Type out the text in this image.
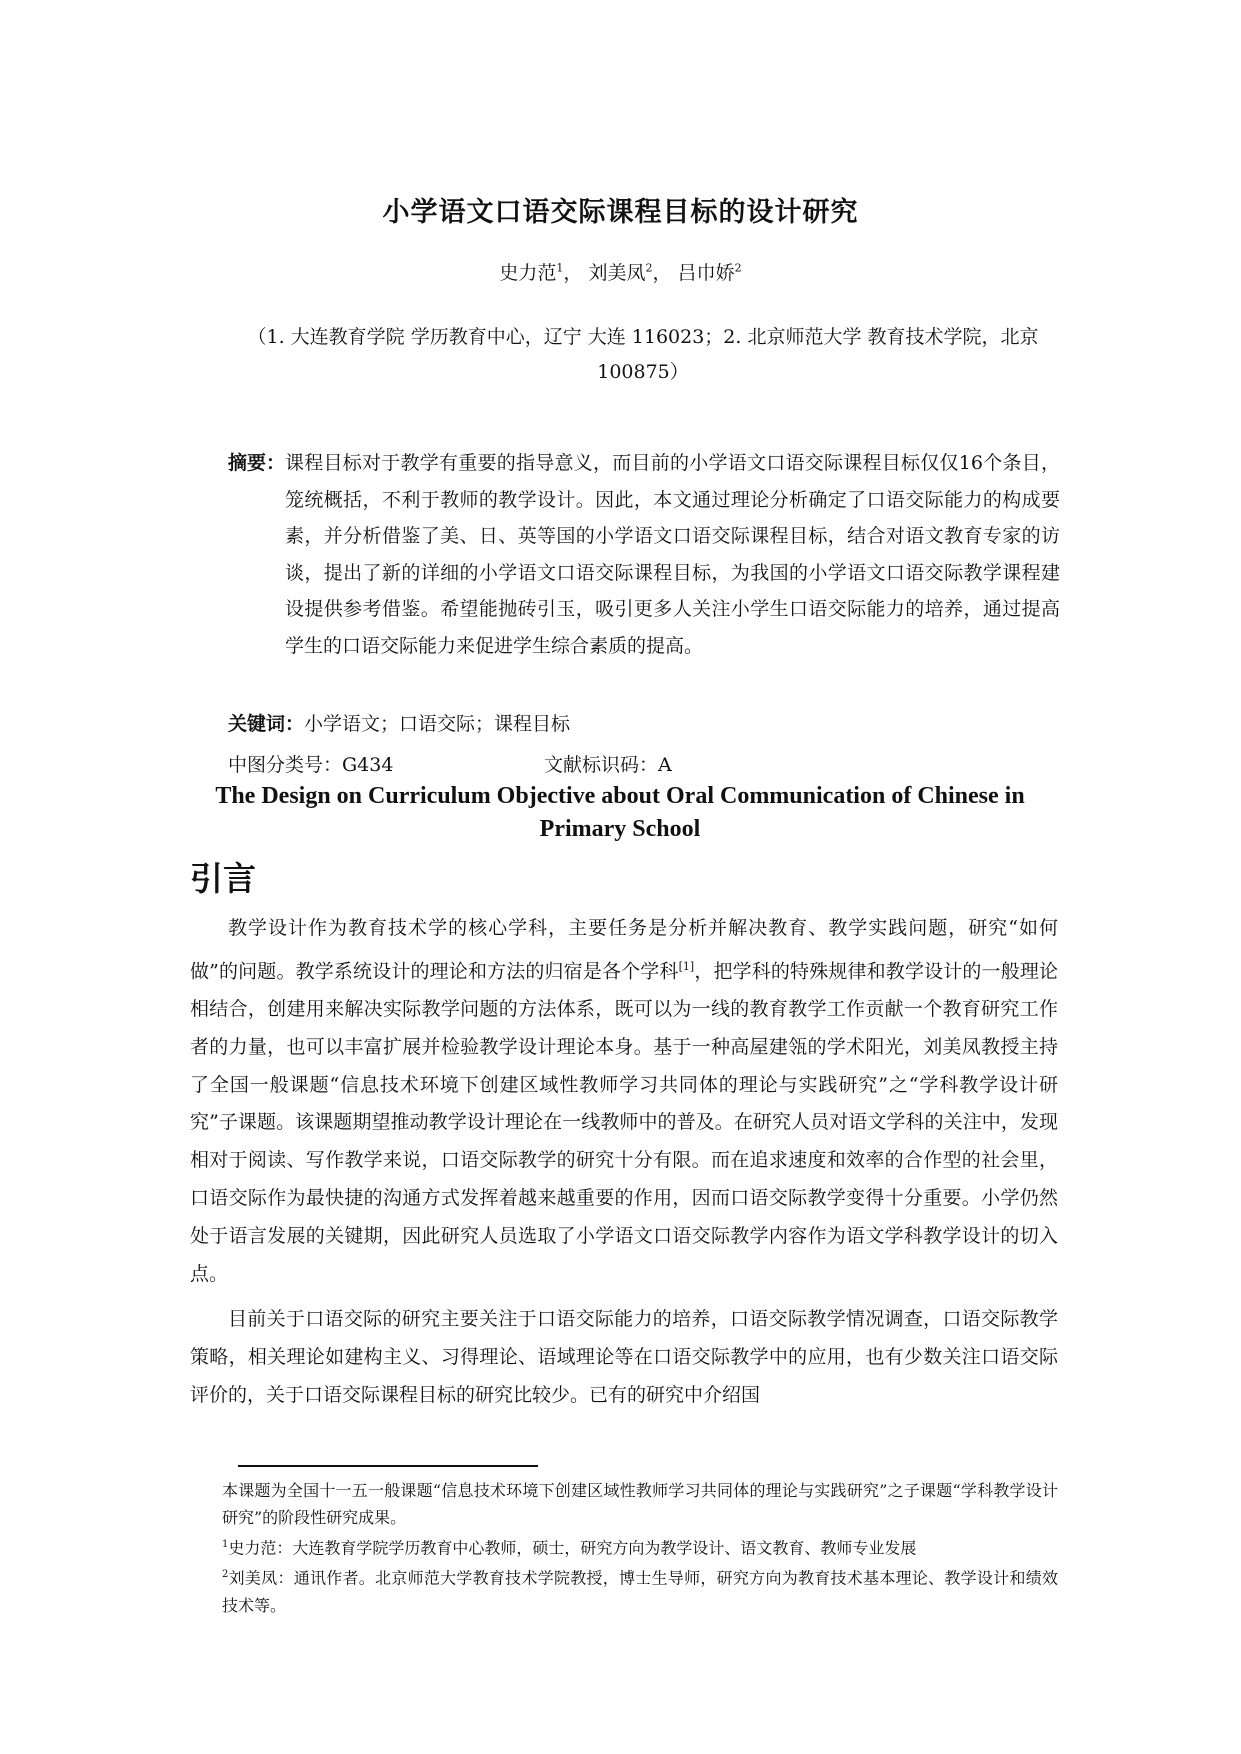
小学语文口语交际课程目标的设计研究
史力范$^1$， 刘美凤$^2$， 吕巾娇$^2$
（1. 大连教育学院 学历教育中心，辽宁 大连 116023；2. 北京师范大学 教育技术学院，北京 100875）
摘要： 课程目标对于教学有重要的指导意义，而目前的小学语文口语交际课程目标仅仅16个条目，笼统概括，不利于教师的教学设计。因此，本文通过理论分析确定了口语交际能力的构成要素，并分析借鉴了美、日、英等国的小学语文口语交际课程目标，结合对语文教育专家的访谈，提出了新的详细的小学语文口语交际课程目标，为我国的小学语文口语交际教学课程建设提供参考借鉴。希望能抛砖引玉，吸引更多人关注小学生口语交际能力的培养，通过提高学生的口语交际能力来促进学生综合素质的提高。
关键词：小学语文；口语交际；课程目标
中图分类号：G434	文献标识码：A
The Design on Curriculum Objective about Oral Communication of Chinese in Primary School
引言

教学设计作为教育技术学的核心学科，主要任务是分析并解决教育、教学实践问题，研究“如何做”的问题。教学系统设计的理论和方法的归宿是各个学科[1]，把学科的特殊规律和教学设计的一般理论相结合，创建用来解决实际教学问题的方法体系，既可以为一线的教育教学工作贡献一个教育研究工作者的力量，也可以丰富扩展并检验教学设计理论本身。基于一种高屋建瓴的学术阳光，刘美凤教授主持了全国一般课题“信息技术环境下创建区域性教师学习共同体的理论与实践研究”之“学科教学设计研究”子课题。该课题期望推动教学设计理论在一线教师中的普及。在研究人员对语文学科的关注中，发现相对于阅读、写作教学来说，口语交际教学的研究十分有限。而在追求速度和效率的合作型的社会里，口语交际作为最快捷的沟通方式发挥着越来越重要的作用，因而口语交际教学变得十分重要。小学仍然处于语言发展的关键期，因此研究人员选取了小学语文口语交际教学内容作为语文学科教学设计的切入点。

目前关于口语交际的研究主要关注于口语交际能力的培养，口语交际教学情况调查，口语交际教学策略，相关理论如建构主义、习得理论、语域理论等在口语交际教学中的应用，也有少数关注口语交际评价的，关于口语交际课程目标的研究比较少。已有的研究中介绍国

本课题为全国十一五一般课题“信息技术环境下创建区域性教师学习共同体的理论与实践研究”之子课题“学科教学设计研究”的阶段性研究成果。

$^1$史力范：大连教育学院学历教育中心教师，硕士，研究方向为教学设计、语文教育、教师专业发展

$^2$刘美凤：通讯作者。北京师范大学教育技术学院教授，博士生导师，研究方向为教育技术基本理论、教学设计和绩效技术等。
